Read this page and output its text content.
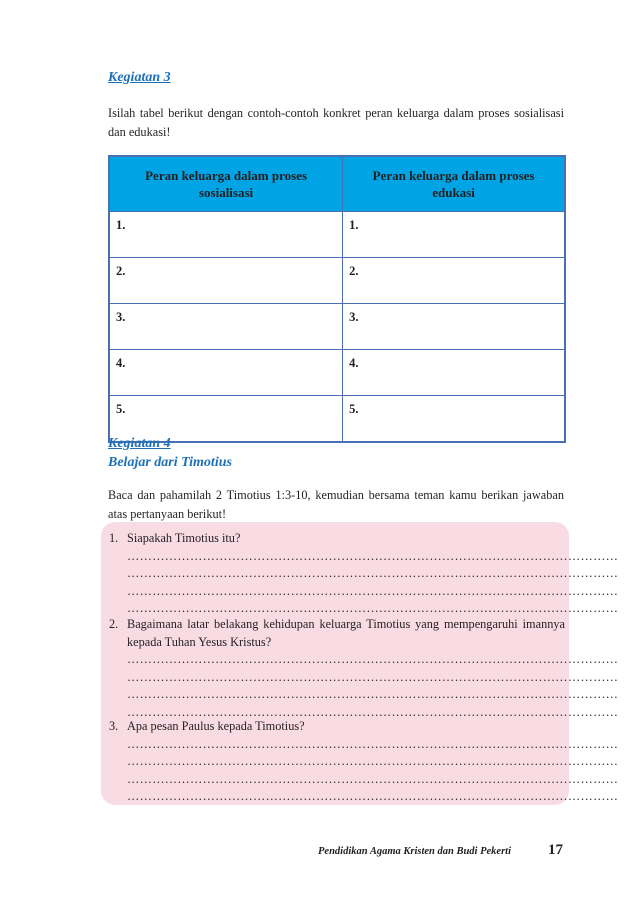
Kegiatan 3
Isilah tabel berikut dengan contoh-contoh konkret peran keluarga dalam proses sosialisasi dan edukasi!
Peran keluarga dalam proses sosialisasi	Peran keluarga dalam proses edukasi
1.	1.
2.	2.
3.	3.
4.	4.
5.	5.
Kegiatan 4
Belajar dari Timotius
Baca dan pahamilah 2 Timotius 1:3-10, kemudian bersama teman kamu berikan jawaban atas pertanyaan berikut!
1. Siapakah Timotius itu?
………………………………………………………………………………………………………
………………………………………………………………………………………………………
………………………………………………………………………………………………………
………………………………………………………………………………………………………
2. Bagaimana latar belakang kehidupan keluarga Timotius yang mempengaruhi imannya kepada Tuhan Yesus Kristus?
………………………………………………………………………………………………………
………………………………………………………………………………………………………
………………………………………………………………………………………………………
………………………………………………………………………………………………………
3. Apa pesan Paulus kepada Timotius?
………………………………………………………………………………………………………
………………………………………………………………………………………………………
………………………………………………………………………………………………………
………………………………………………………………………………………………………
Pendidikan Agama Kristen dan Budi Pekerti 17
